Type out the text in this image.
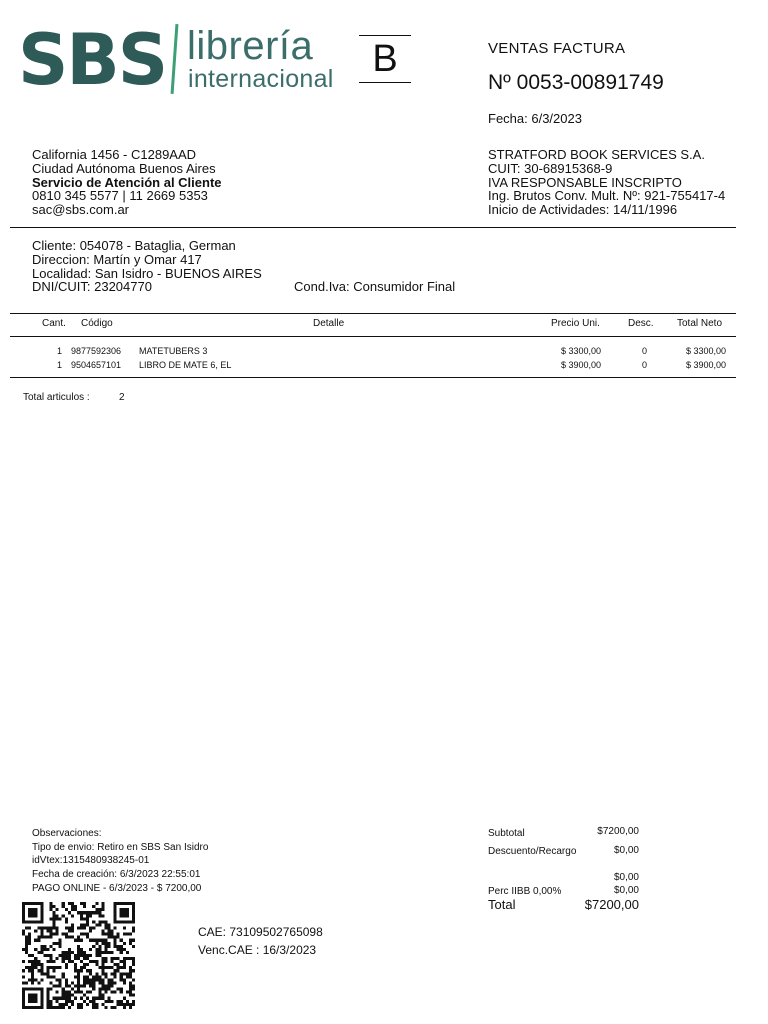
SBS librería
internacional	B	VENTAS FACTURA
Nº 0053-00891749
Fecha: 6/3/2023
California 1456 - C1289AAD
Ciudad Autónoma Buenos Aires
Servicio de Atención al Cliente
0810 345 5577 | 11 2669 5353
sac@sbs.com.ar
STRATFORD BOOK SERVICES S.A.
CUIT: 30-68915368-9
IVA RESPONSABLE INSCRIPTO
Ing. Brutos Conv. Mult. Nº: 921-755417-4
Inicio de Actividades: 14/11/1996
Cliente: 054078 - Bataglia, German
Direccion: Martín y Omar 417
Localidad: San Isidro - BUENOS AIRES
DNI/CUIT: 23204770	Cond.Iva: Consumidor Final
Cant. Código	Detalle	Precio Uni.	Desc. Total Neto
1 9877592306 MATETUBERS 3	$ 3300,00	0	$ 3300,00
1 9504657101 LIBRO DE MATE 6, EL	$ 3900,00	0	$ 3900,00
Total articulos :	2
Observaciones:
Tipo de envio: Retiro en SBS San Isidro
idVtex:1315480938245-01
Fecha de creación: 6/3/2023 22:55:01
PAGO ONLINE - 6/3/2023 - $ 7200,00
Subtotal	$7200,00
Descuento/Recargo	$0,00
$0,00
Perc IIBB 0,00%	$0,00
Total	$7200,00
CAE: 73109502765098
Venc.CAE : 16/3/2023
